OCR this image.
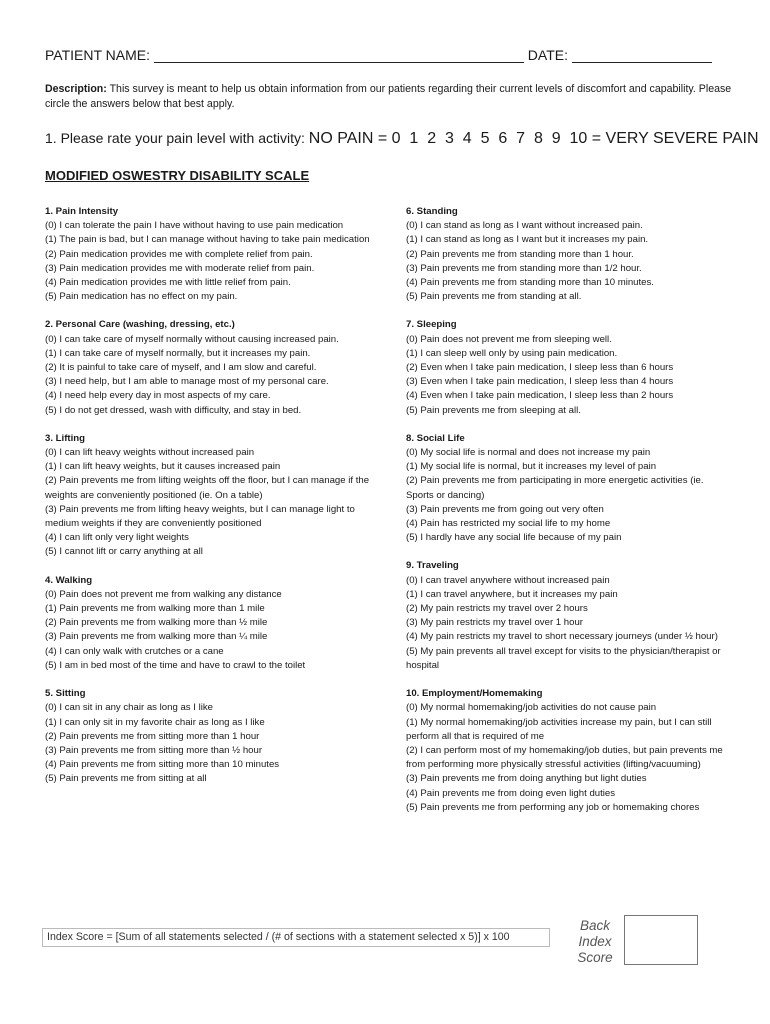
PATIENT NAME:	DATE:
Description: This survey is meant to help us obtain information from our patients regarding their current levels of discomfort and capability. Please circle the answers below that best apply.
1. Please rate your pain level with activity: NO PAIN = 0  1  2  3  4  5  6  7  8  9  10 = VERY SEVERE PAIN
MODIFIED OSWESTRY DISABILITY SCALE
1. Pain Intensity

(0) I can tolerate the pain I have without having to use pain medication

(1) The pain is bad, but I can manage without having to take pain medication

(2) Pain medication provides me with complete relief from pain.

(3) Pain medication provides me with moderate relief from pain.

(4) Pain medication provides me with little relief from pain.

(5) Pain medication has no effect on my pain.

2. Personal Care (washing, dressing, etc.)

(0) I can take care of myself normally without causing increased pain.

(1) I can take care of myself normally, but it increases my pain.

(2) It is painful to take care of myself, and I am slow and careful.

(3) I need help, but I am able to manage most of my personal care.

(4) I need help every day in most aspects of my care.

(5) I do not get dressed, wash with difficulty, and stay in bed.

3. Lifting

(0) I can lift heavy weights without increased pain

(1) I can lift heavy weights, but it causes increased pain

(2) Pain prevents me from lifting weights off the floor, but I can manage if the weights are conveniently positioned (ie. On a table)

(3) Pain prevents me from lifting heavy weights, but I can manage light to medium weights if they are conveniently positioned

(4) I can lift only very light weights

(5) I cannot lift or carry anything at all

4. Walking

(0) Pain does not prevent me from walking any distance

(1) Pain prevents me from walking more than 1 mile

(2) Pain prevents me from walking more than ½ mile

(3) Pain prevents me from walking more than ¼ mile

(4) I can only walk with crutches or a cane

(5) I am in bed most of the time and have to crawl to the toilet

5. Sitting

(0) I can sit in any chair as long as I like

(1) I can only sit in my favorite chair as long as I like

(2) Pain prevents me from sitting more than 1 hour

(3) Pain prevents me from sitting more than ½ hour

(4) Pain prevents me from sitting more than 10 minutes

(5) Pain prevents me from sitting at all

6. Standing

(0) I can stand as long as I want without increased pain.

(1) I can stand as long as I want but it increases my pain.

(2) Pain prevents me from standing more than 1 hour.

(3) Pain prevents me from standing more than 1/2 hour.

(4) Pain prevents me from standing more than 10 minutes.

(5) Pain prevents me from standing at all.

7. Sleeping

(0) Pain does not prevent me from sleeping well.

(1) I can sleep well only by using pain medication.

(2) Even when I take pain medication, I sleep less than 6 hours

(3) Even when I take pain medication, I sleep less than 4 hours

(4) Even when I take pain medication, I sleep less than 2 hours

(5) Pain prevents me from sleeping at all.

8. Social Life

(0) My social life is normal and does not increase my pain

(1) My social life is normal, but it increases my level of pain

(2) Pain prevents me from participating in more energetic activities (ie. Sports or dancing)

(3) Pain prevents me from going out very often

(4) Pain has restricted my social life to my home

(5) I hardly have any social life because of my pain

9. Traveling

(0) I can travel anywhere without increased pain

(1) I can travel anywhere, but it increases my pain

(2) My pain restricts my travel over 2 hours

(3) My pain restricts my travel over 1 hour

(4) My pain restricts my travel to short necessary journeys (under ½ hour)

(5) My pain prevents all travel except for visits to the physician/therapist or hospital

10. Employment/Homemaking

(0) My normal homemaking/job activities do not cause pain

(1) My normal homemaking/job activities increase my pain, but I can still perform all that is required of me

(2) I can perform most of my homemaking/job duties, but pain prevents me from performing more physically stressful activities (lifting/vacuuming)

(3) Pain prevents me from doing anything but light duties

(4) Pain prevents me from doing even light duties

(5) Pain prevents me from performing any job or homemaking chores

Index Score = [Sum of all statements selected / (# of sections with a statement selected x 5)] x 100
Back
Index
Score
